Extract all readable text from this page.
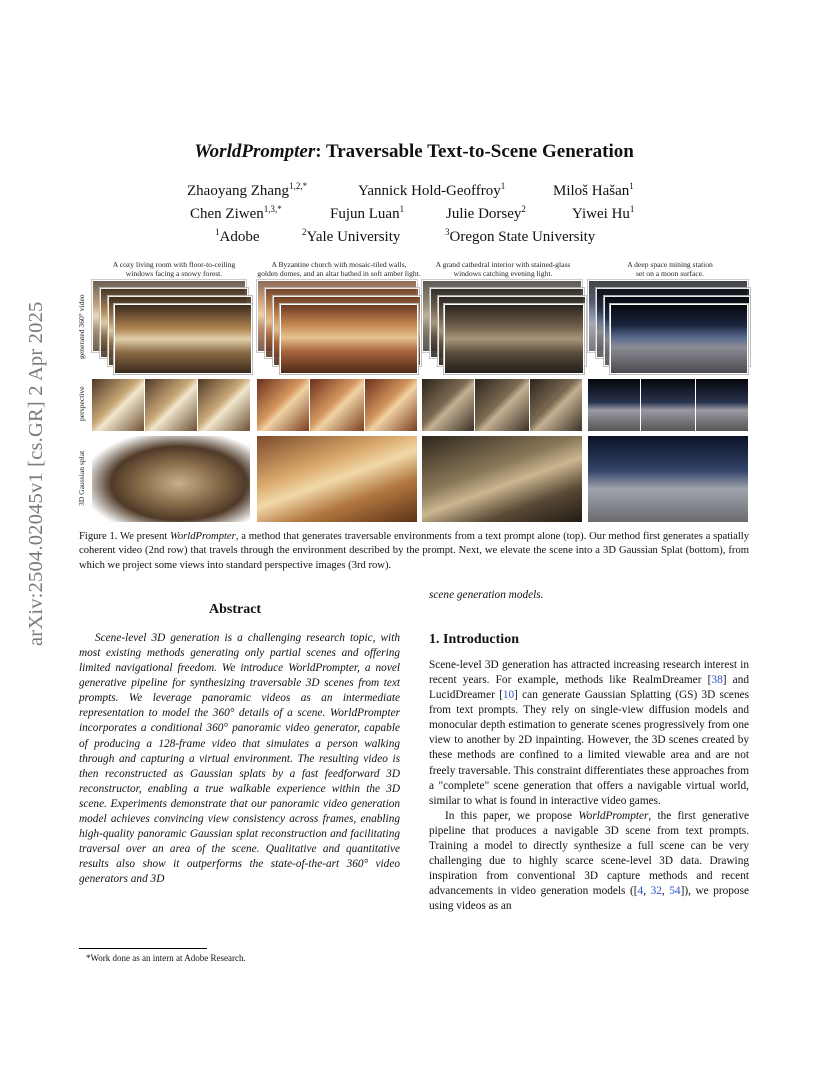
arXiv:2504.02045v1 [cs.GR] 2 Apr 2025
WorldPrompter: Traversable Text-to-Scene Generation
Zhaoyang Zhang$^{1,2,*}$	Yannick Hold-Geoffroy$^1$	Miloš Hašan$^1$
Chen Ziwen$^{1,3,*}$	Fujun Luan$^1$	Julie Dorsey$^2$	Yiwei Hu$^1$
$^1$Adobe	$^2$Yale University	$^3$Oregon State University
A cozy living room with floor-to-ceiling
windows facing a snowy forest.
A Byzantine church with mosaic-tiled walls,
golden domes, and an altar bathed in soft amber light.
A grand cathedral interior with stained-glass
windows catching evening light.
A deep space mining station
set on a moon surface.
generated 360° video
perspective
3D Gaussian splat
Figure 1. We present WorldPrompter, a method that generates traversable environments from a text prompt alone (top). Our method first generates a spatially coherent video (2nd row) that travels through the environment described by the prompt. Next, we elevate the scene into a 3D Gaussian Splat (bottom), from which we project some views into standard perspective images (3rd row).
Abstract

Scene-level 3D generation is a challenging research topic, with most existing methods generating only partial scenes and offering limited navigational freedom. We introduce WorldPrompter, a novel generative pipeline for synthesizing traversable 3D scenes from text prompts. We leverage panoramic videos as an intermediate representation to model the 360° details of a scene. WorldPrompter incorporates a conditional 360° panoramic video generator, capable of producing a 128-frame video that simulates a person walking through and capturing a virtual environment. The resulting video is then reconstructed as Gaussian splats by a fast feedforward 3D reconstructor, enabling a true walkable experience within the 3D scene. Experiments demonstrate that our panoramic video generation model achieves convincing view consistency across frames, enabling high-quality panoramic Gaussian splat reconstruction and facilitating traversal over an area of the scene. Qualitative and quantitative results also show it outperforms the state-of-the-art 360° video generators and 3D

scene generation models.
1. Introduction

Scene-level 3D generation has attracted increasing research interest in recent years. For example, methods like RealmDreamer [38] and LucidDreamer [10] can generate Gaussian Splatting (GS) 3D scenes from text prompts. They rely on single-view diffusion models and monocular depth estimation to generate scenes progressively from one view to another by 2D inpainting. However, the 3D scenes created by these methods are confined to a limited viewable area and are not freely traversable. This constraint differentiates these approaches from a "complete" scene generation that offers a navigable virtual world, similar to what is found in interactive video games.

In this paper, we propose WorldPrompter, the first generative pipeline that produces a navigable 3D scene from text prompts. Training a model to directly synthesize a full scene can be very challenging due to highly scarce scene-level 3D data. Drawing inspiration from conventional 3D capture methods and recent advancements in video generation models ([4, 32, 54]), we propose using videos as an

*Work done as an intern at Adobe Research.
